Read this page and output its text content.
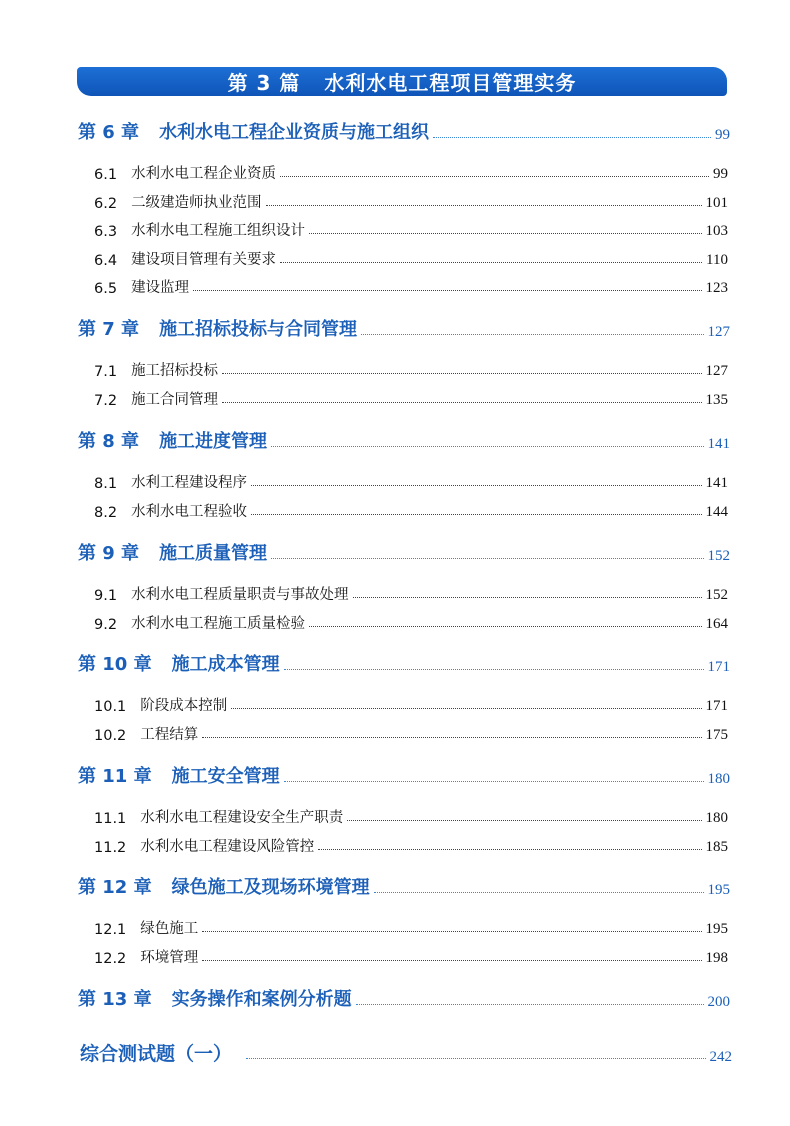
第 3 篇 水利水电工程项目管理实务
第 6 章 水利水电工程企业资质与施工组织	99
6.1 水利水电工程企业资质	99
6.2 二级建造师执业范围	101
6.3 水利水电工程施工组织设计	103
6.4 建设项目管理有关要求	110
6.5 建设监理	123
第 7 章 施工招标投标与合同管理	127
7.1 施工招标投标	127
7.2 施工合同管理	135
第 8 章 施工进度管理	141
8.1 水利工程建设程序	141
8.2 水利水电工程验收	144
第 9 章 施工质量管理	152
9.1 水利水电工程质量职责与事故处理	152
9.2 水利水电工程施工质量检验	164
第 10 章 施工成本管理	171
10.1 阶段成本控制	171
10.2 工程结算	175
第 11 章 施工安全管理	180
11.1 水利水电工程建设安全生产职责	180
11.2 水利水电工程建设风险管控	185
第 12 章 绿色施工及现场环境管理	195
12.1 绿色施工	195
12.2 环境管理	198
第 13 章 实务操作和案例分析题	200
综合测试题（一）	242
